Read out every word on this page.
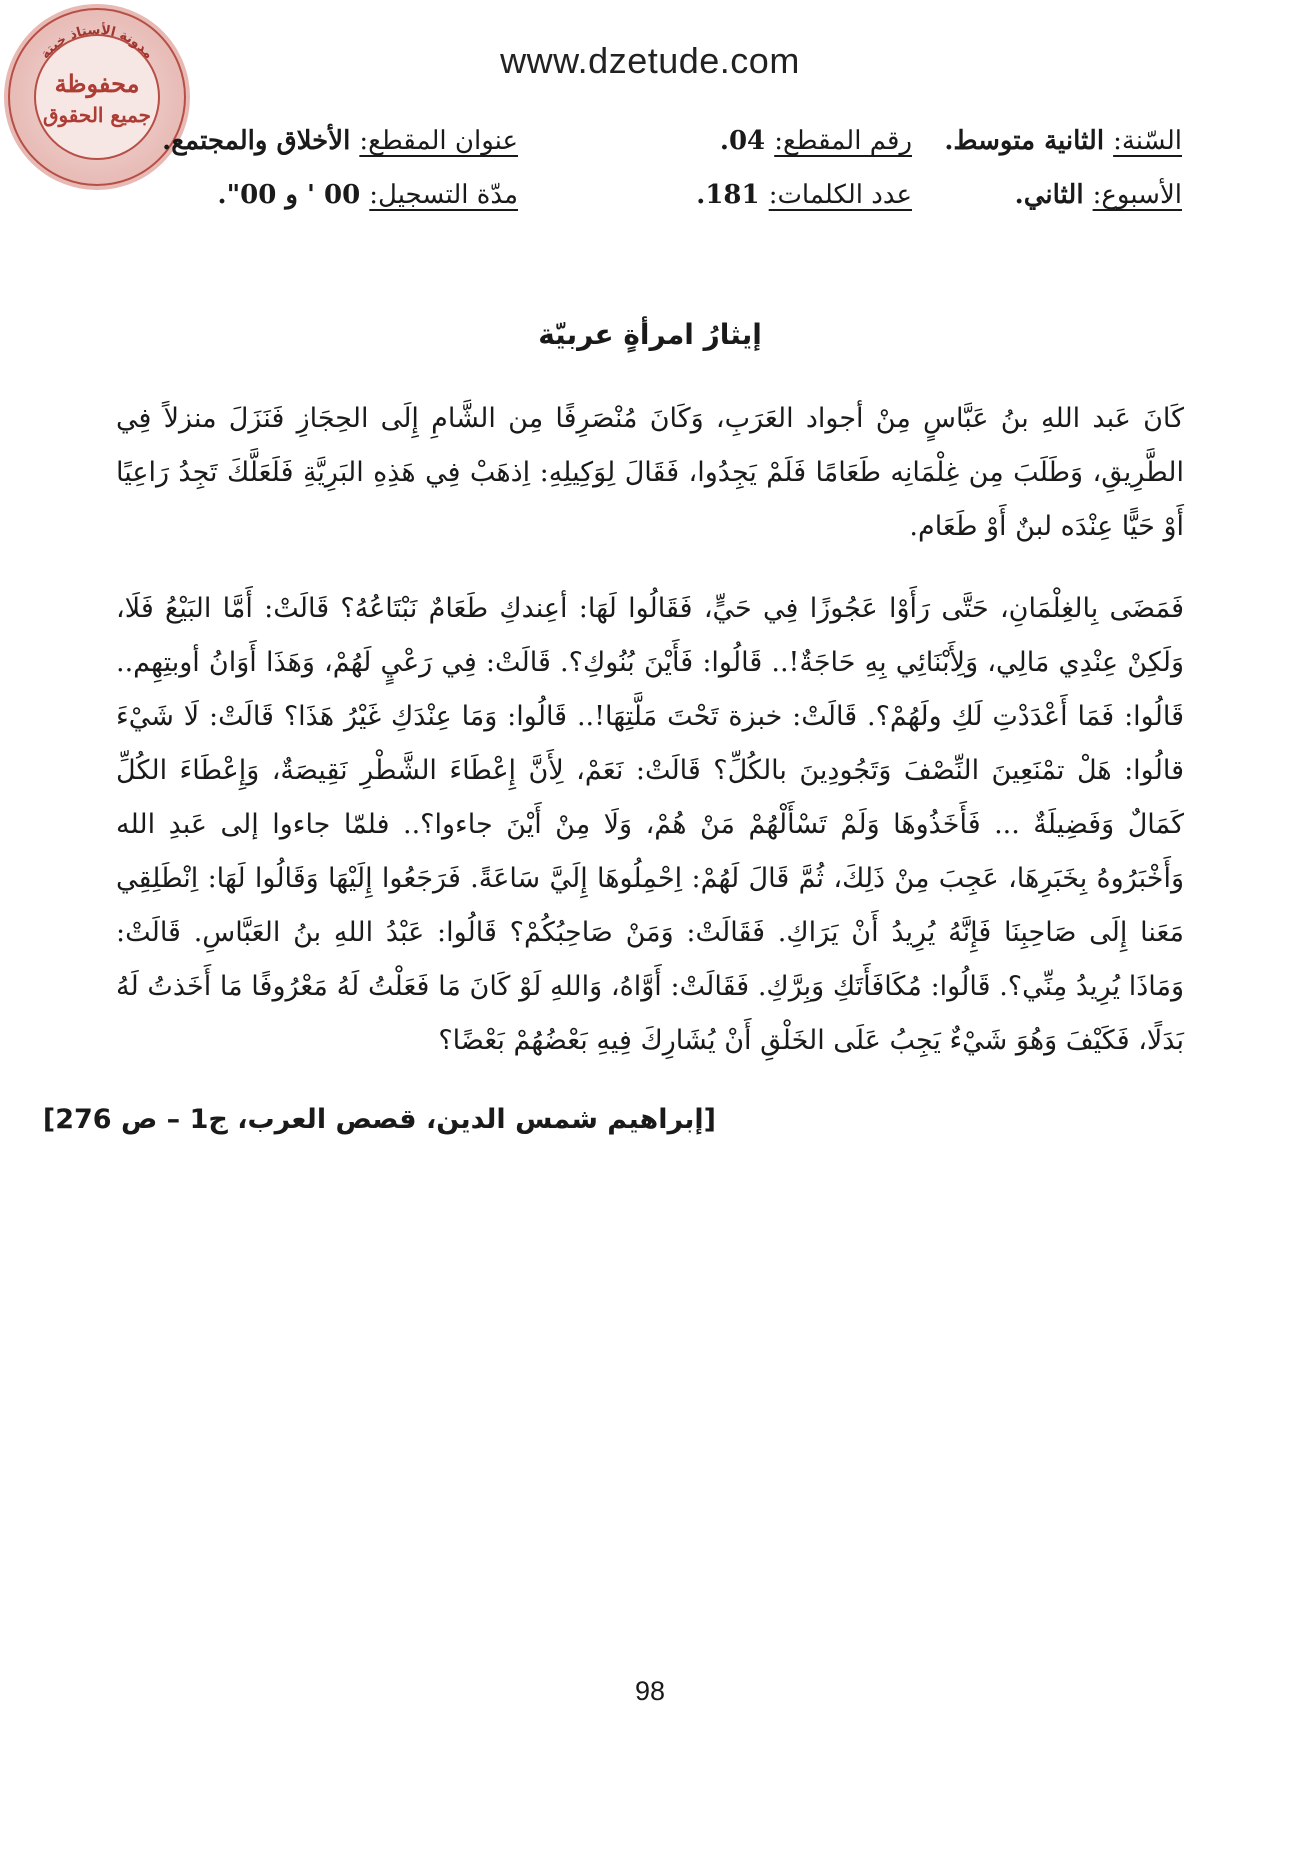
مدونة الأستاذ خيتة
محفوظة
جميع الحقوق
www.dzetude.com
السّنة: الثانية متوسط.
رقم المقطع: 04.
عنوان المقطع: الأخلاق والمجتمع.
الأسبوع: الثاني.
عدد الكلمات: 181.
مدّة التسجيل: 00 ' و 00".
إيثارُ امرأةٍ عربيّة

كَانَ عَبد اللهِ بنُ عَبَّاسٍ مِنْ أجواد العَرَبِ، وَكَانَ مُنْصَرِفًا مِن الشَّامِ إِلَى الحِجَازِ فَنَزَلَ منزلاً فِي الطَّرِيقِ، وَطَلَبَ مِن غِلْمَانِه طَعَامًا فَلَمْ يَجِدُوا، فَقَالَ لِوَكِيلِهِ: اِذهَبْ فِي هَذِهِ البَرِيَّةِ فَلَعَلَّكَ تَجِدُ رَاعِيًا أَوْ حَيًّا عِنْدَه لبنٌ أَوْ طَعَام.

فَمَضَى بِالغِلْمَانِ، حَتَّى رَأَوْا عَجُوزًا فِي حَيٍّ، فَقَالُوا لَهَا: أعِندكِ طَعَامٌ نَبْتَاعُهُ؟ قَالَتْ: أَمَّا البَيْعُ فَلَا، وَلَكِنْ عِنْدِي مَالِي، وَلِأَبْنَائِي بِهِ حَاجَةٌ!.. قَالُوا: فَأَيْنَ بُنُوكِ؟. قَالَتْ: فِي رَعْيٍ لَهُمْ، وَهَذَا أَوَانُ أوبتِهِم.. قَالُوا: فَمَا أَعْدَدْتِ لَكِ ولَهُمْ؟. قَالَتْ: خبزة تَحْتَ مَلَّتِهَا!.. قَالُوا: وَمَا عِنْدَكِ غَيْرُ هَذَا؟ قَالَتْ: لَا شَيْءَ قالُوا: هَلْ تمْنَعِينَ النِّصْفَ وَتَجُودِينَ بالكُلِّ؟ قَالَتْ: نَعَمْ، لِأَنَّ إِعْطَاءَ الشَّطْرِ نَقِيصَةٌ، وَإِعْطَاءَ الكُلِّ كَمَالٌ وَفَضِيلَةٌ ... فَأَخَذُوهَا وَلَمْ تَسْأَلْهُمْ مَنْ هُمْ، وَلَا مِنْ أَيْنَ جاءوا؟.. فلمّا جاءوا إلى عَبدِ الله وَأَخْبَرُوهُ بِخَبَرِهَا، عَجِبَ مِنْ ذَلِكَ، ثُمَّ قَالَ لَهُمْ: اِحْمِلُوهَا إِلَيَّ سَاعَةً. فَرَجَعُوا إِلَيْهَا وَقَالُوا لَهَا: اِنْطَلِقِي مَعَنا إِلَى صَاحِبِنَا فَإِنَّهُ يُرِيدُ أَنْ يَرَاكِ. فَقَالَتْ: وَمَنْ صَاحِبُكُمْ؟ قَالُوا: عَبْدُ اللهِ بنُ العَبَّاسِ. قَالَتْ: وَمَاذَا يُرِيدُ مِنِّي؟. قَالُوا: مُكَافَأَتَكِ وَبِرَّكِ. فَقَالَتْ: أَوَّاهُ، وَاللهِ لَوْ كَانَ مَا فَعَلْتُ لَهُ مَعْرُوفًا مَا أَخَذتُ لَهُ بَدَلًا، فَكَيْفَ وَهُوَ شَيْءٌ يَجِبُ عَلَى الخَلْقِ أَنْ يُشَارِكَ فِيهِ بَعْضُهُمْ بَعْضًا؟

[إبراهيم شمس الدين، قصص العرب، ج1 – ص 276]
98
